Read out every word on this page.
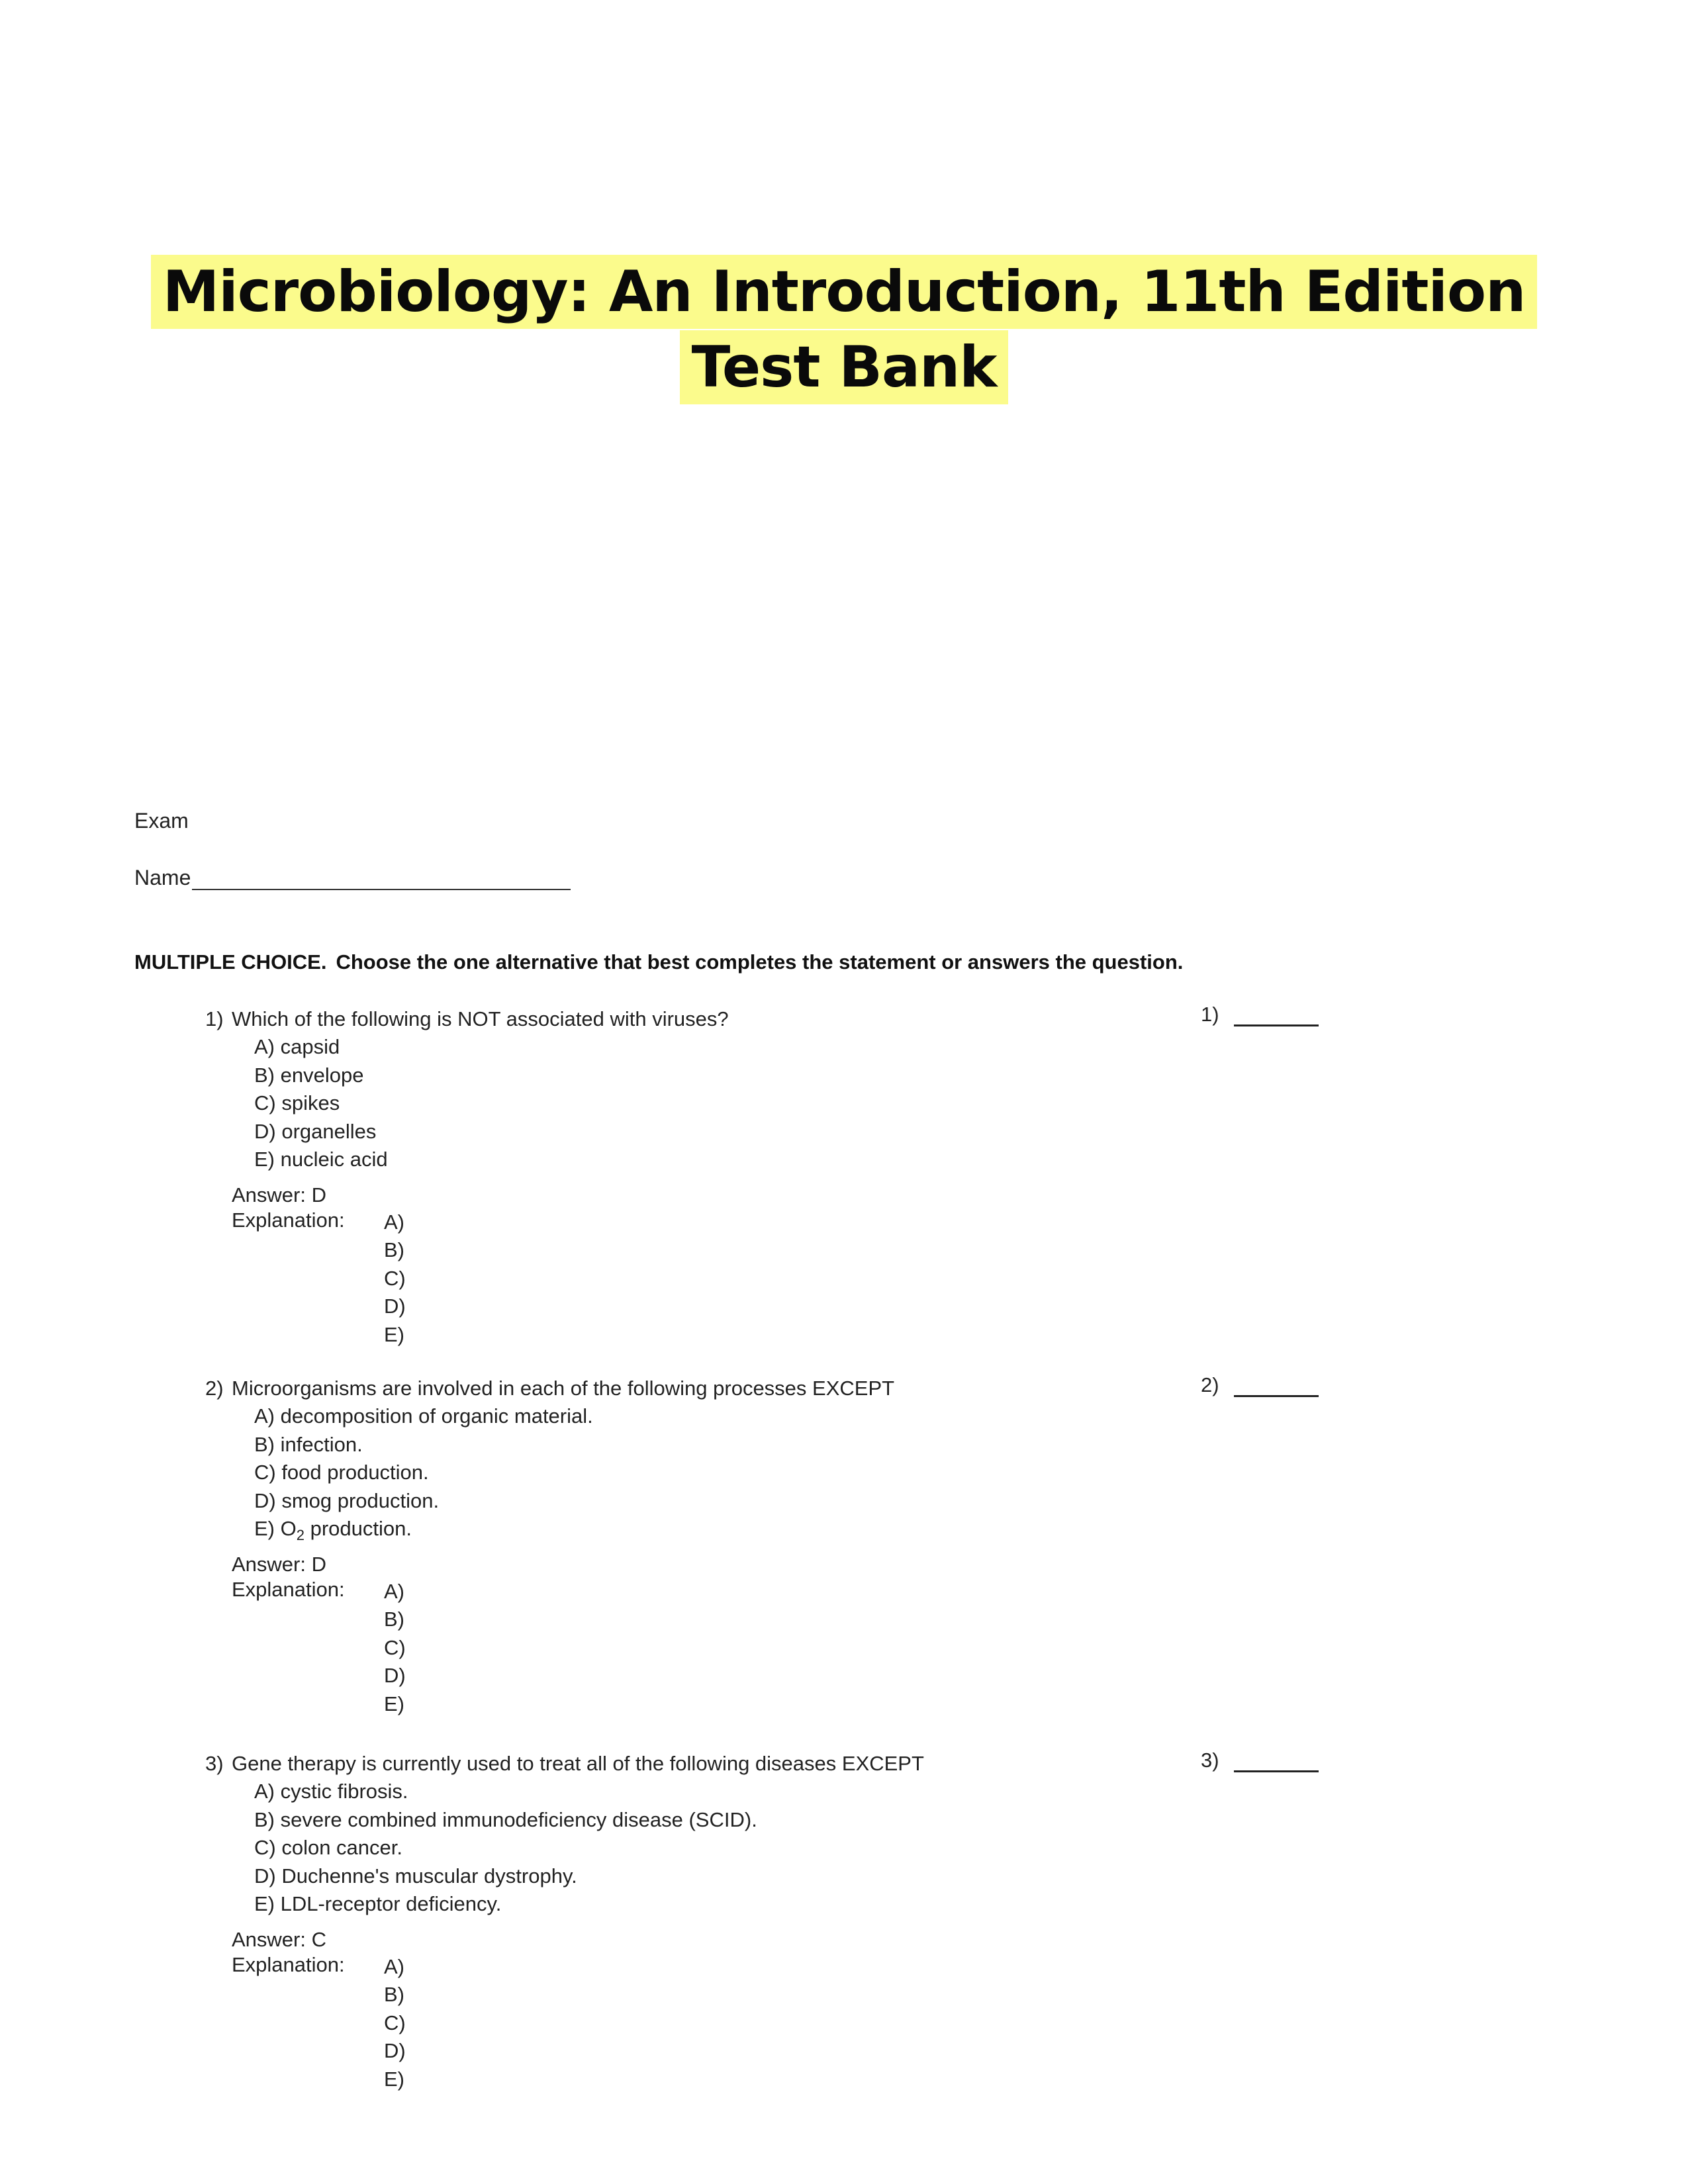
Microbiology: An Introduction, 11th Edition
Test Bank
Exam
Name
MULTIPLE CHOICE. Choose the one alternative that best completes the statement or answers the question.
1) Which of the following is NOT associated with viruses?
A) capsid
B) envelope
C) spikes
D) organelles
E) nucleic acid
Answer: D
Explanation:	A)
B)
C)
D)
E)
1)
2) Microorganisms are involved in each of the following processes EXCEPT
A) decomposition of organic material.
B) infection.
C) food production.
D) smog production.
E) $O_2$ production.
Answer: D
Explanation:	A)
B)
C)
D)
E)
2)
3) Gene therapy is currently used to treat all of the following diseases EXCEPT
A) cystic fibrosis.
B) severe combined immunodeficiency disease (SCID).
C) colon cancer.
D) Duchenne's muscular dystrophy.
E) LDL-receptor deficiency.
Answer: C
Explanation:	A)
B)
C)
D)
E)
3)
